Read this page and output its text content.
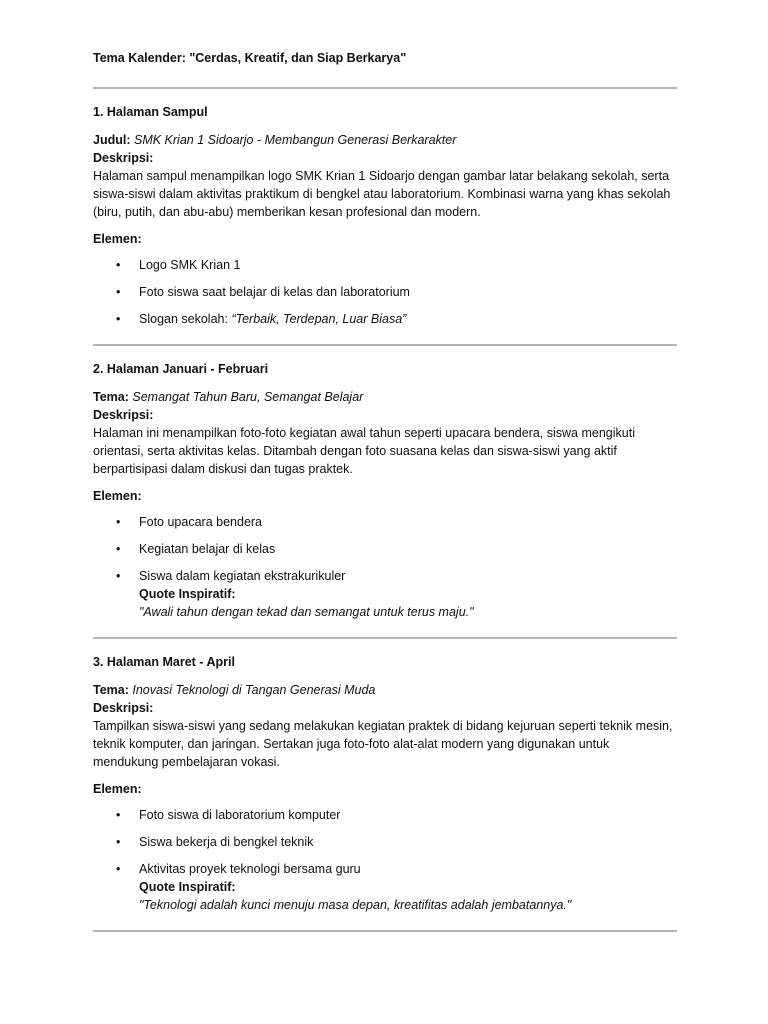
Tema Kalender: "Cerdas, Kreatif, dan Siap Berkarya"

1. Halaman Sampul

Judul: SMK Krian 1 Sidoarjo - Membangun Generasi Berkarakter

Deskripsi:

Halaman sampul menampilkan logo SMK Krian 1 Sidoarjo dengan gambar latar belakang sekolah, serta siswa-siswi dalam aktivitas praktikum di bengkel atau laboratorium. Kombinasi warna yang khas sekolah (biru, putih, dan abu-abu) memberikan kesan profesional dan modern.

Elemen:

• Logo SMK Krian 1
• Foto siswa saat belajar di kelas dan laboratorium
• Slogan sekolah: “Terbaik, Terdepan, Luar Biasa”

2. Halaman Januari - Februari

Tema: Semangat Tahun Baru, Semangat Belajar

Deskripsi:

Halaman ini menampilkan foto-foto kegiatan awal tahun seperti upacara bendera, siswa mengikuti orientasi, serta aktivitas kelas. Ditambah dengan foto suasana kelas dan siswa-siswi yang aktif berpartisipasi dalam diskusi dan tugas praktek.

Elemen:

• Foto upacara bendera
• Kegiatan belajar di kelas
• Siswa dalam kegiatan ekstrakurikuler
Quote Inspiratif:
"Awali tahun dengan tekad dan semangat untuk terus maju."

3. Halaman Maret - April

Tema: Inovasi Teknologi di Tangan Generasi Muda

Deskripsi:

Tampilkan siswa-siswi yang sedang melakukan kegiatan praktek di bidang kejuruan seperti teknik mesin, teknik komputer, dan jaringan. Sertakan juga foto-foto alat-alat modern yang digunakan untuk mendukung pembelajaran vokasi.

Elemen:

• Foto siswa di laboratorium komputer
• Siswa bekerja di bengkel teknik
• Aktivitas proyek teknologi bersama guru
Quote Inspiratif:
"Teknologi adalah kunci menuju masa depan, kreatifitas adalah jembatannya."
